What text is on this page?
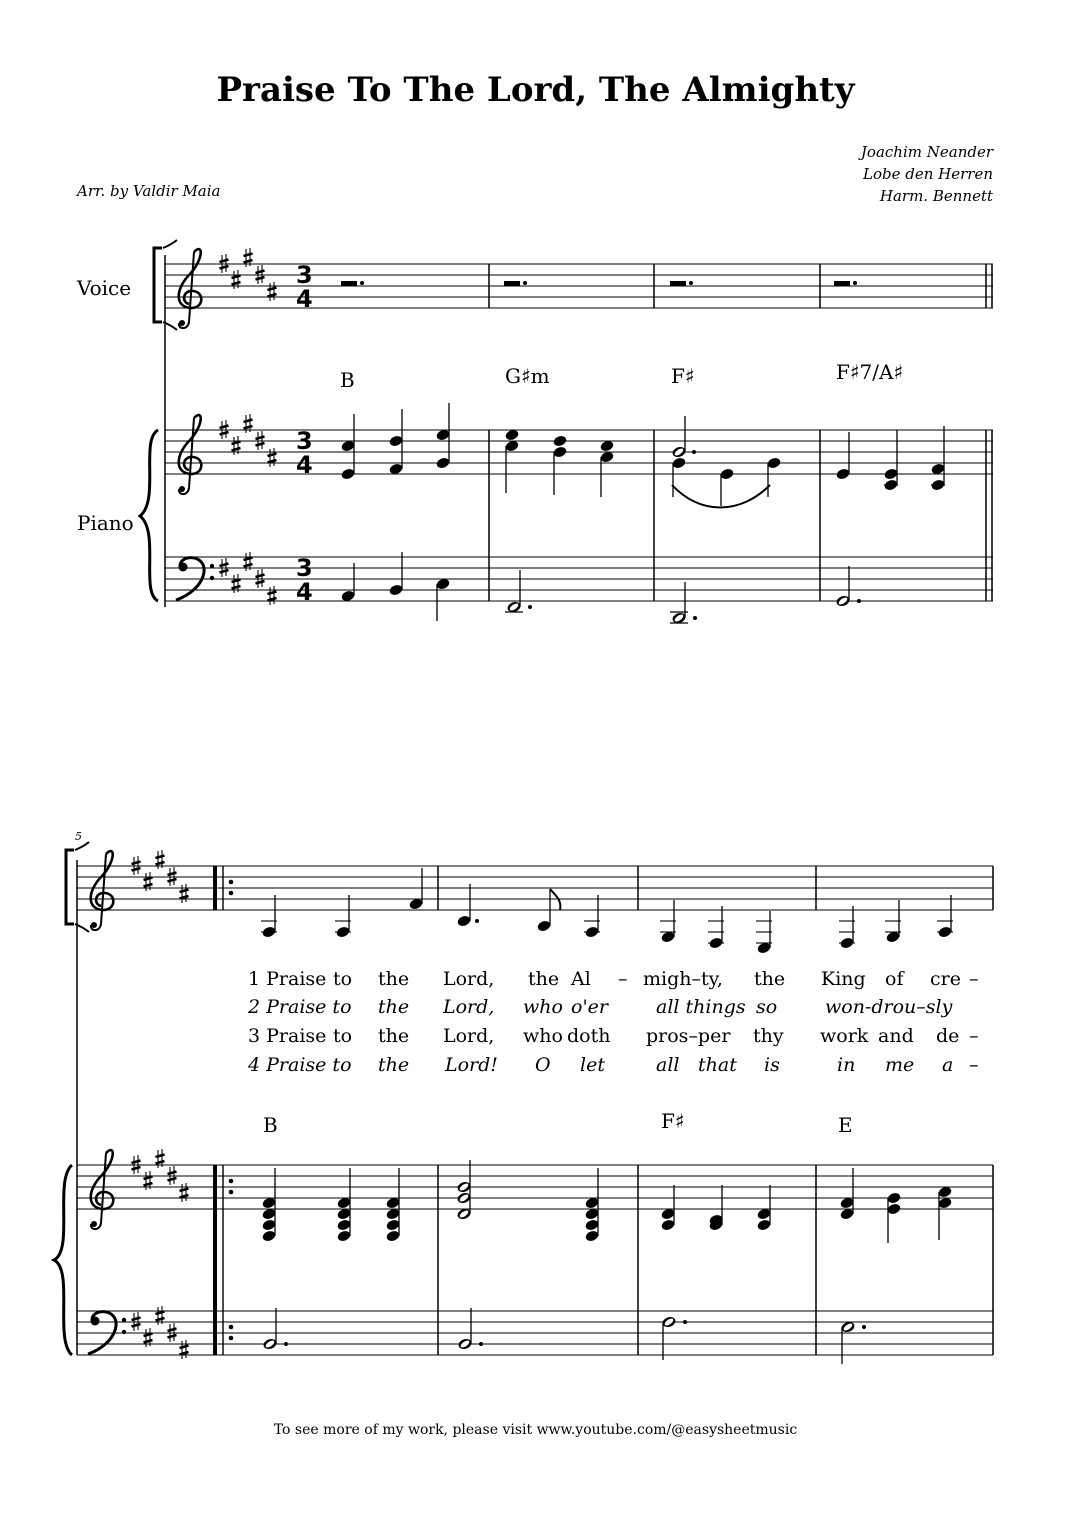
Praise To The Lord, The Almighty
Joachim Neander
Lobe den Herren
Harm. Bennett
Arr. by Valdir Maia
Voice
Piano
B	G♯m	F♯	F♯7/A♯
B	F♯	E
5
1 Praise to the Lord, the Al – migh–ty, the King of cre –
2 Praise to the Lord, who o'er	all things so	won-drou–sly
3 Praise to the Lord, who doth pros–per thy work and de –
4 Praise to the Lord! O let	all that is	in me a –
To see more of my work, please visit www.youtube.com/@easysheetmusic
3
4
3
4
3
4
